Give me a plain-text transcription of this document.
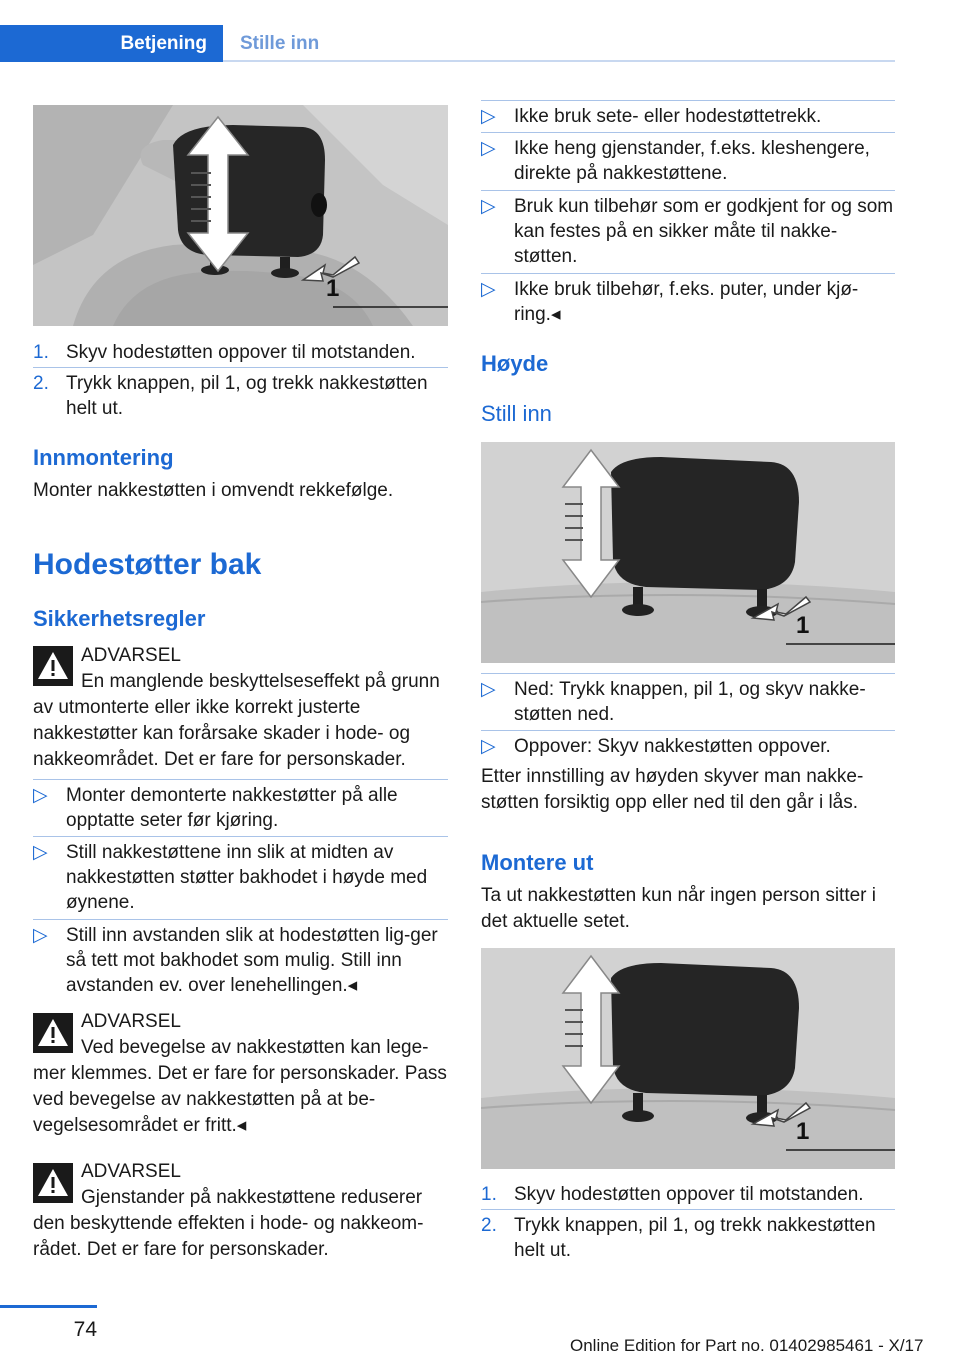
Betjening Stille inn
1
1. Skyv hodestøtten oppover til motstanden.
2. Trykk knappen, pil 1, og trekk nakkestøtten helt ut.
Innmontering
Monter nakkestøtten i omvendt rekkefølge.
Hodestøtter bak
Sikkerhetsregler
ADVARSEL
En manglende beskyttelseseffekt på grunn av utmonterte eller ikke korrekt justerte nakkestøtter kan forårsake skader i hode- og nakkeområdet. Det er fare for personskader.
▷ Monter demonterte nakkestøtter på alle opptatte seter før kjøring.
▷ Still nakkestøttene inn slik at midten av nakkestøtten støtter bakhodet i høyde med øynene.
▷ Still inn avstanden slik at hodestøtten lig-ger så tett mot bakhodet som mulig. Still inn avstanden ev. over lenehellingen.◂
ADVARSEL
Ved bevegelse av nakkestøtten kan lege-mer klemmes. Det er fare for personskader. Pass ved bevegelse av nakkestøtten på at be-vegelsesområdet er fritt.◂
ADVARSEL
Gjenstander på nakkestøttene reduserer den beskyttende effekten i hode- og nakkeom-rådet. Det er fare for personskader.
▷ Ikke bruk sete- eller hodestøttetrekk.
▷ Ikke heng gjenstander, f.eks. kleshengere, direkte på nakkestøttene.
▷ Bruk kun tilbehør som er godkjent for og som kan festes på en sikker måte til nakke-støtten.
▷ Ikke bruk tilbehør, f.eks. puter, under kjø-ring.◂
Høyde
Still inn
1
▷ Ned: Trykk knappen, pil 1, og skyv nakke-støtten ned.
▷ Oppover: Skyv nakkestøtten oppover.
Etter innstilling av høyden skyver man nakke-støtten forsiktig opp eller ned til den går i lås.
Montere ut
Ta ut nakkestøtten kun når ingen person sitter i det aktuelle setet.
1
1. Skyv hodestøtten oppover til motstanden.
2. Trykk knappen, pil 1, og trekk nakkestøtten helt ut.
74
Online Edition for Part no. 01402985461 - X/17
